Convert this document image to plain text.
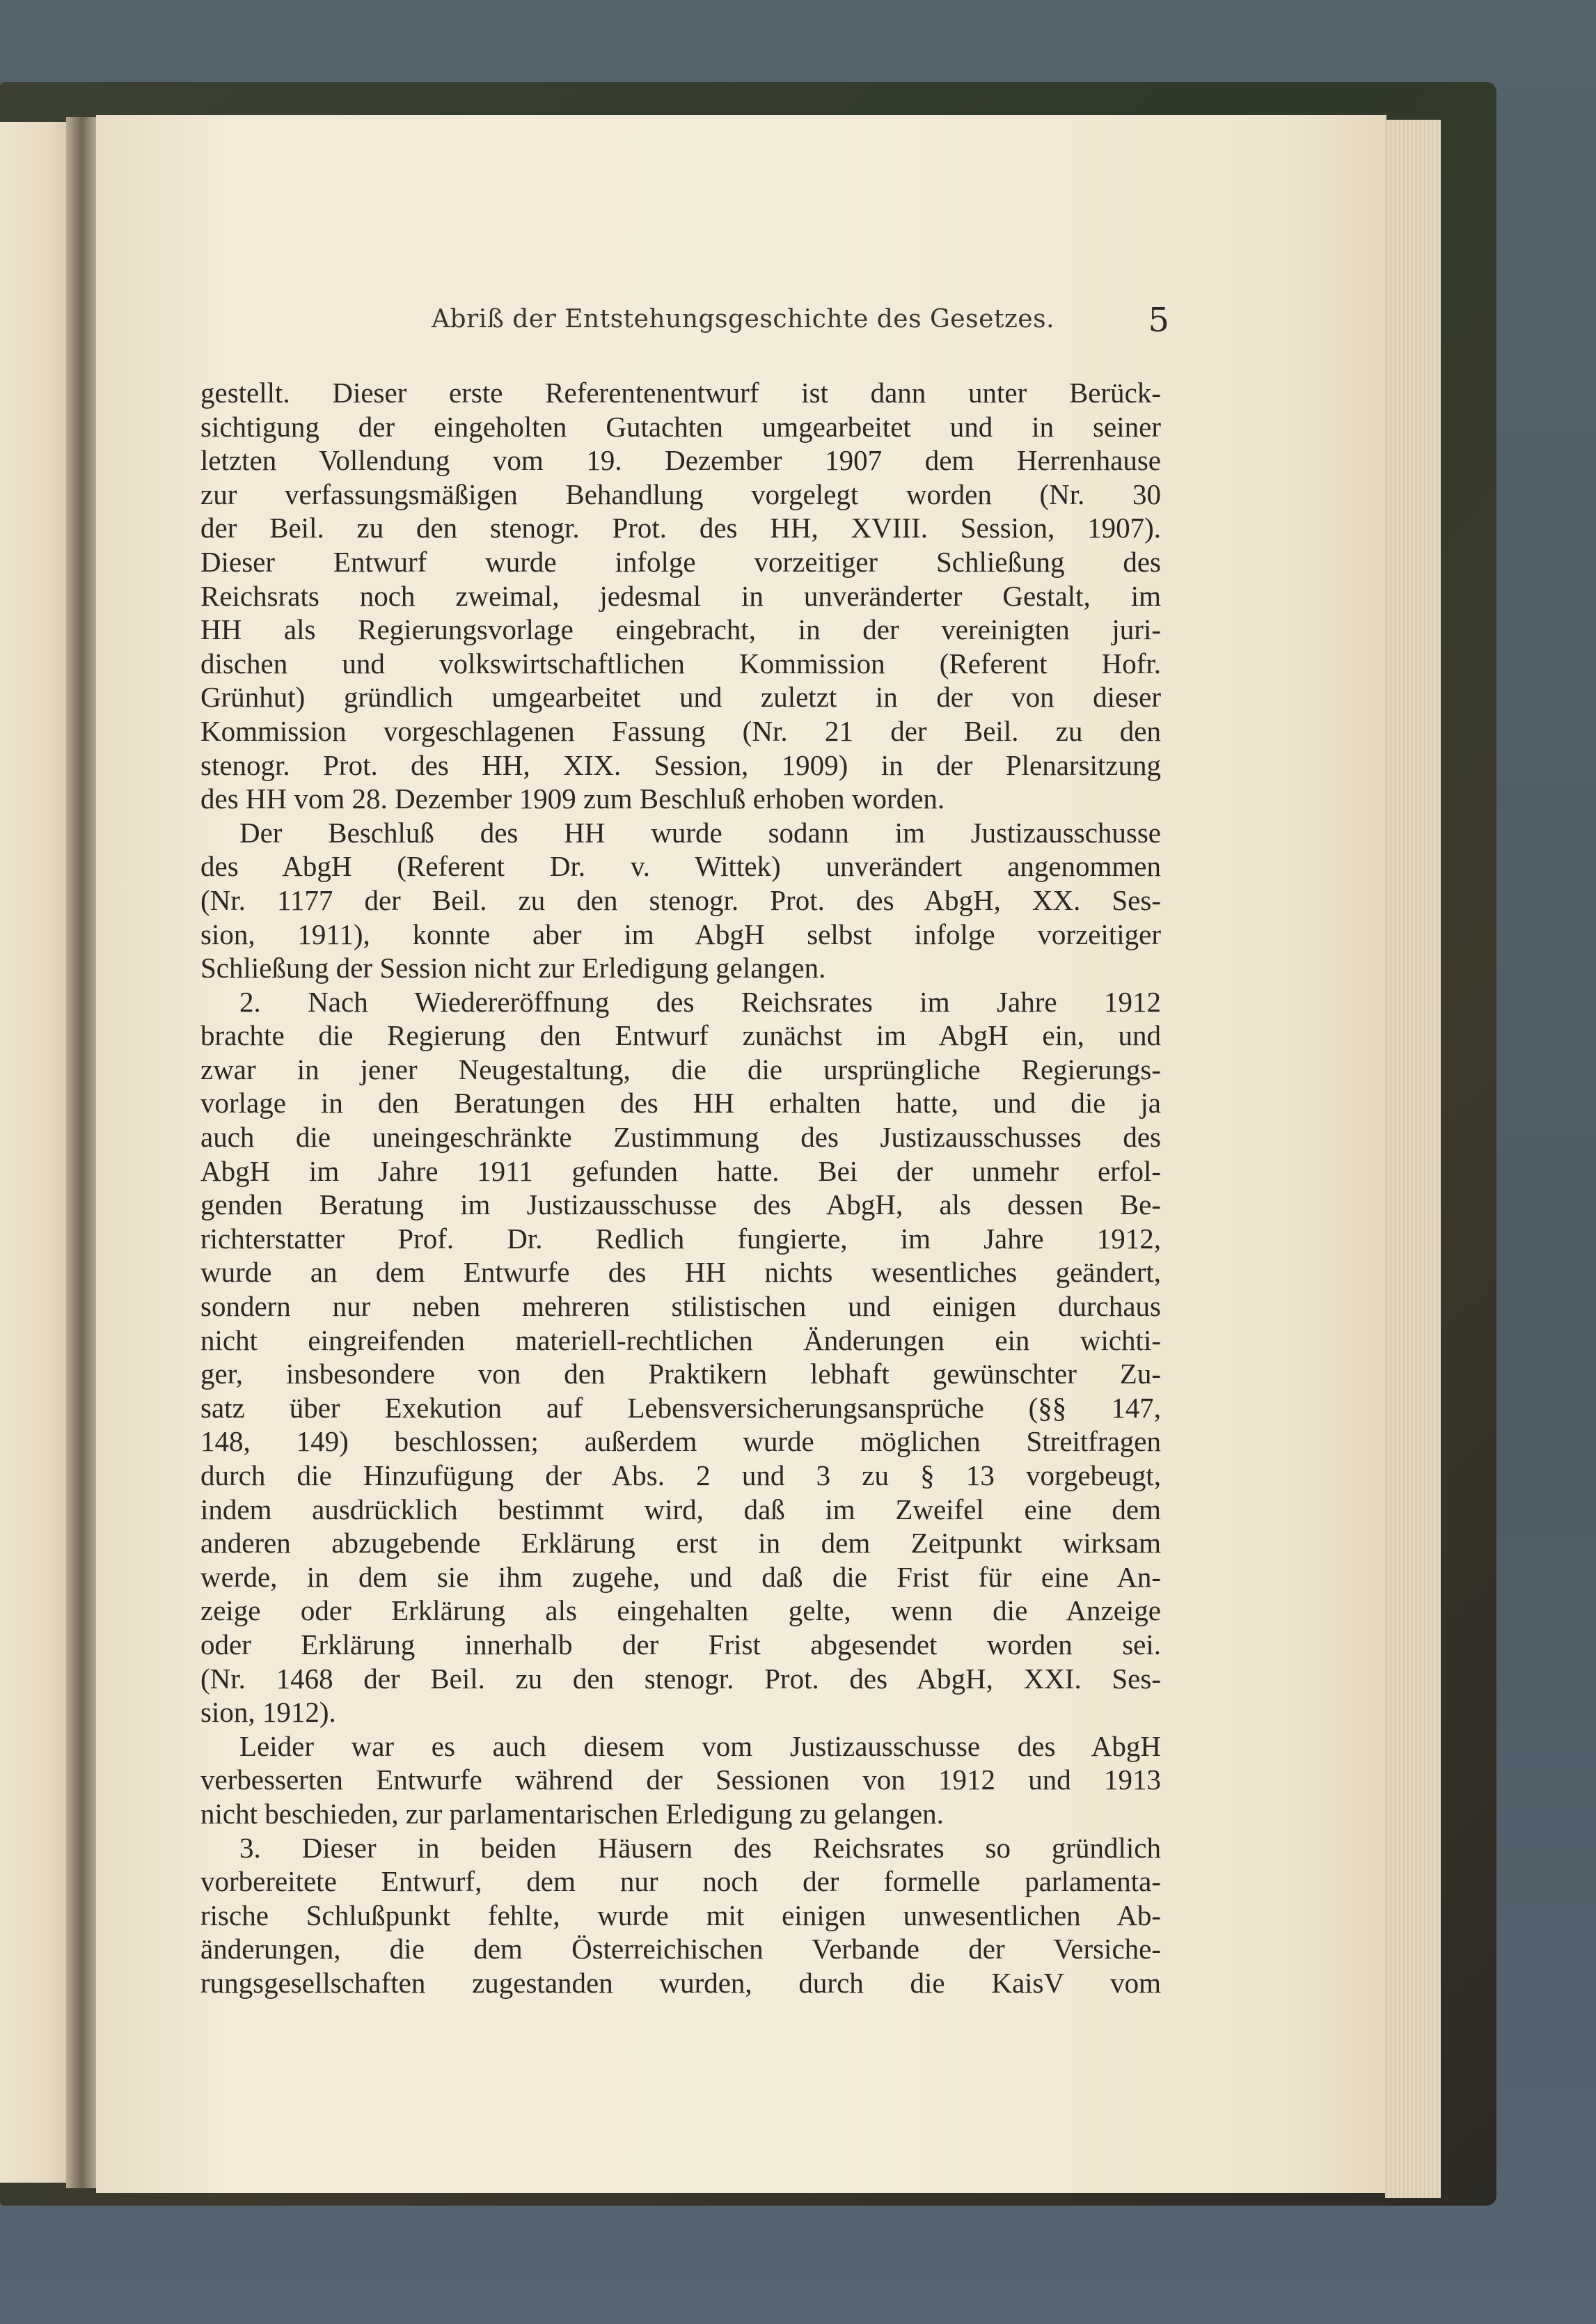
Abriß der Entstehungsgeschichte des Gesetzes.	5
gestellt. Dieser erste Referentenentwurf ist dann unter Berück-
sichtigung der eingeholten Gutachten umgearbeitet und in seiner
letzten Vollendung vom 19. Dezember 1907 dem Herrenhause
zur verfassungsmäßigen Behandlung vorgelegt worden (Nr. 30
der Beil. zu den stenogr. Prot. des HH, XVIII. Session, 1907).
Dieser Entwurf wurde infolge vorzeitiger Schließung des
Reichsrats noch zweimal, jedesmal in unveränderter Gestalt, im
HH als Regierungsvorlage eingebracht, in der vereinigten juri-
dischen und volkswirtschaftlichen Kommission (Referent Hofr.
Grünhut) gründlich umgearbeitet und zuletzt in der von dieser
Kommission vorgeschlagenen Fassung (Nr. 21 der Beil. zu den
stenogr. Prot. des HH, XIX. Session, 1909) in der Plenarsitzung
des HH vom 28. Dezember 1909 zum Beschluß erhoben worden.
Der Beschluß des HH wurde sodann im Justizausschusse
des AbgH (Referent Dr. v. Wittek) unverändert angenommen
(Nr. 1177 der Beil. zu den stenogr. Prot. des AbgH, XX. Ses-
sion, 1911), konnte aber im AbgH selbst infolge vorzeitiger
Schließung der Session nicht zur Erledigung gelangen.
2. Nach Wiedereröffnung des Reichsrates im Jahre 1912
brachte die Regierung den Entwurf zunächst im AbgH ein, und
zwar in jener Neugestaltung, die die ursprüngliche Regierungs-
vorlage in den Beratungen des HH erhalten hatte, und die ja
auch die uneingeschränkte Zustimmung des Justizausschusses des
AbgH im Jahre 1911 gefunden hatte. Bei der unmehr erfol-
genden Beratung im Justizausschusse des AbgH, als dessen Be-
richterstatter Prof. Dr. Redlich fungierte, im Jahre 1912,
wurde an dem Entwurfe des HH nichts wesentliches geändert,
sondern nur neben mehreren stilistischen und einigen durchaus
nicht eingreifenden materiell-rechtlichen Änderungen ein wichti-
ger, insbesondere von den Praktikern lebhaft gewünschter Zu-
satz über Exekution auf Lebensversicherungsansprüche (§§ 147,
148, 149) beschlossen; außerdem wurde möglichen Streitfragen
durch die Hinzufügung der Abs. 2 und 3 zu § 13 vorgebeugt,
indem ausdrücklich bestimmt wird, daß im Zweifel eine dem
anderen abzugebende Erklärung erst in dem Zeitpunkt wirksam
werde, in dem sie ihm zugehe, und daß die Frist für eine An-
zeige oder Erklärung als eingehalten gelte, wenn die Anzeige
oder Erklärung innerhalb der Frist abgesendet worden sei.
(Nr. 1468 der Beil. zu den stenogr. Prot. des AbgH, XXI. Ses-
sion, 1912).
Leider war es auch diesem vom Justizausschusse des AbgH
verbesserten Entwurfe während der Sessionen von 1912 und 1913
nicht beschieden, zur parlamentarischen Erledigung zu gelangen.
3. Dieser in beiden Häusern des Reichsrates so gründlich
vorbereitete Entwurf, dem nur noch der formelle parlamenta-
rische Schlußpunkt fehlte, wurde mit einigen unwesentlichen Ab-
änderungen, die dem Österreichischen Verbande der Versiche-
rungsgesellschaften zugestanden wurden, durch die KaisV vom
